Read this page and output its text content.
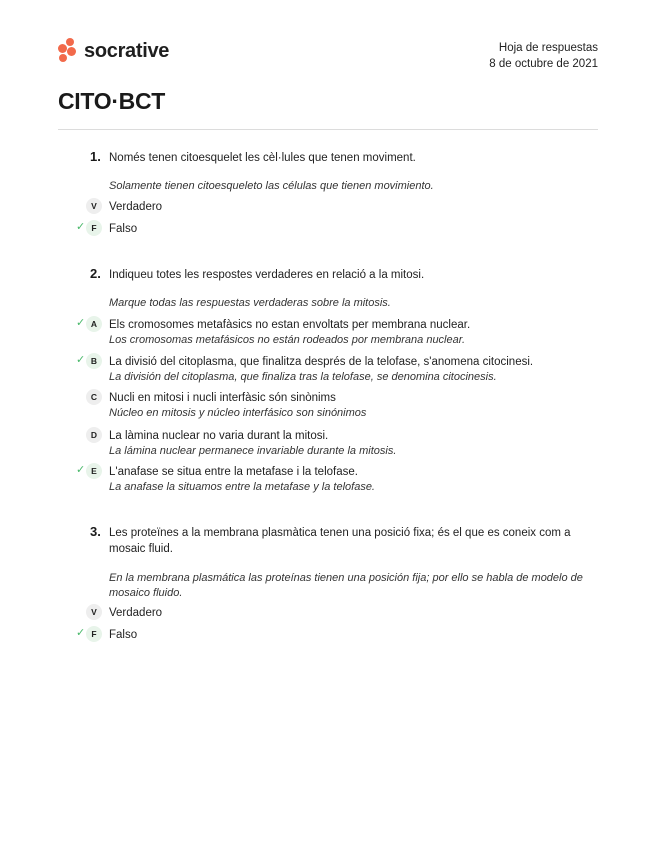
socrative	Hoja de respuestas
8 de octubre de 2021
CITO·BCT
1. Només tenen citoesquelet les cèl·lules que tenen moviment.
Solamente tienen citoesqueleto las células que tienen movimiento.
V	Verdadero
✓ F	Falso
2. Indiqueu totes les respostes verdaderes en relació a la mitosi.
Marque todas las respuestas verdaderas sobre la mitosis.
✓ A	Els cromosomes metafàsics no estan envoltats per membrana nuclear.
Los cromosomas metafásicos no están rodeados por membrana nuclear.
✓ B	La divisió del citoplasma, que finalitza després de la telofase, s'anomena citocinesi.
La división del citoplasma, que finaliza tras la telofase, se denomina citocinesis.
C	Nucli en mitosi i nucli interfàsic són sinònims
Núcleo en mitosis y núcleo interfásico son sinónimos
D	La làmina nuclear no varia durant la mitosi.
La lámina nuclear permanece invariable durante la mitosis.
✓ E	L'anafase se situa entre la metafase i la telofase.
La anafase la situamos entre la metafase y la telofase.
3. Les proteïnes a la membrana plasmàtica tenen una posició fixa; és el que es coneix com a mosaic fluid.
En la membrana plasmática las proteínas tienen una posición fija; por ello se habla de modelo de mosaico fluido.
V	Verdadero
✓ F	Falso
